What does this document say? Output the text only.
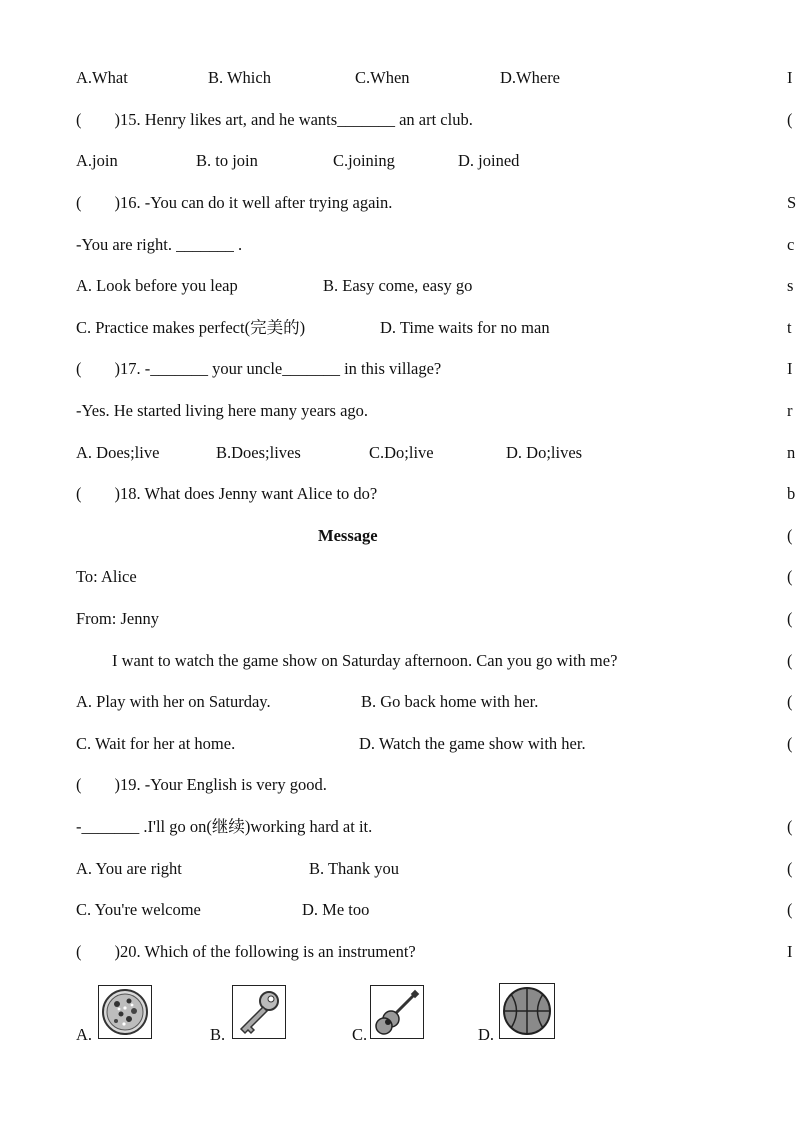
A.What	B. Which	C.When	D.Where
(        )15. Henry likes art, and he wants_______ an art club.
A.join	B. to join	C.joining	D. joined
(        )16. -You can do it well after trying again.
-You are right. _______ .
A. Look before you leap	B. Easy come, easy go
C. Practice makes perfect(完美的)	D. Time waits for no man
(        )17. -_______ your uncle_______ in this village?
-Yes. He started living here many years ago.
A. Does;live	B.Does;lives	C.Do;live	D. Do;lives
(        )18. What does Jenny want Alice to do?
Message
To: Alice
From: Jenny
I want to watch the game show on Saturday afternoon. Can you go with me?
A. Play with her on Saturday.	B. Go back home with her.
C. Wait for her at home.	D. Watch the game show with her.
(        )19. -Your English is very good.
-_______ .I'll go on(继续)working hard at it.
A. You are right	B. Thank you
C. You're welcome	D. Me too
(        )20. Which of the following is an instrument?
A.	B.	C.	D.
I
(
S
c
s
t
I
r
n
b
(
(
(
(
(
(
(
(
(
I
